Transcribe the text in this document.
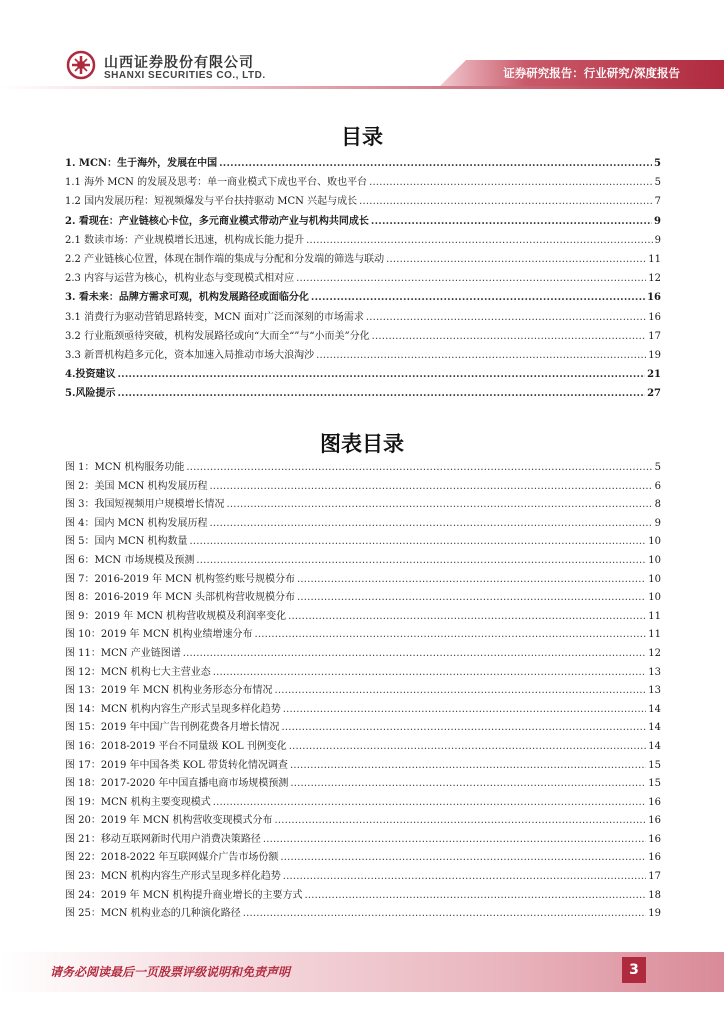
山西证券股份有限公司
SHANXI SECURITIES CO., LTD.	证券研究报告：行业研究/深度报告
目录
1. MCN：生于海外，发展在中国 .....	5
1.1 海外 MCN 的发展及思考：单一商业模式下成也平台、败也平台 .....	5
1.2 国内发展历程：短视频爆发与平台扶持驱动 MCN 兴起与成长 .....	7
2. 看现在：产业链核心卡位，多元商业模式带动产业与机构共同成长 .....	9
2.1 数读市场：产业规模增长迅速，机构成长能力提升 .....	9
2.2 产业链核心位置，体现在制作端的集成与分配和分发端的筛选与联动 .....	11
2.3 内容与运营为核心，机构业态与变现模式相对应 .....	12
3. 看未来：品牌方需求可观，机构发展路径或面临分化 .....	16
3.1 消费行为驱动营销思路转变，MCN 面对广泛而深刻的市场需求 .....	16
3.2 行业瓶颈亟待突破，机构发展路径或向“大而全“”与“小而美”分化 .....	17
3.3 新晋机构趋多元化，资本加速入局推动市场大浪淘沙 .....	19
4.投资建议 .....	21
5.风险提示 .....	27
图表目录
图 1：MCN 机构服务功能 .....	5
图 2：美国 MCN 机构发展历程 .....	6
图 3：我国短视频用户规模增长情况 .....	8
图 4：国内 MCN 机构发展历程 .....	9
图 5：国内 MCN 机构数量 .....	10
图 6：MCN 市场规模及预测 .....	10
图 7：2016-2019 年 MCN 机构签约账号规模分布 .....	10
图 8：2016-2019 年 MCN 头部机构营收规模分布 .....	10
图 9：2019 年 MCN 机构营收规模及利润率变化 .....	11
图 10：2019 年 MCN 机构业绩增速分布 .....	11
图 11：MCN 产业链图谱 .....	12
图 12：MCN 机构七大主营业态 .....	13
图 13：2019 年 MCN 机构业务形态分布情况 .....	13
图 14：MCN 机构内容生产形式呈现多样化趋势 .....	14
图 15：2019 年中国广告刊例花费各月增长情况 .....	14
图 16：2018-2019 平台不同量级 KOL 刊例变化 .....	14
图 17：2019 年中国各类 KOL 带货转化情况调查 .....	15
图 18：2017-2020 年中国直播电商市场规模预测 .....	15
图 19：MCN 机构主要变现模式 .....	16
图 20：2019 年 MCN 机构营收变现模式分布 .....	16
图 21：移动互联网新时代用户消费决策路径 .....	16
图 22：2018-2022 年互联网媒介广告市场份额 .....	16
图 23：MCN 机构内容生产形式呈现多样化趋势 .....	17
图 24：2019 年 MCN 机构提升商业增长的主要方式 .....	18
图 25：MCN 机构业态的几种演化路径 .....	19
请务必阅读最后一页股票评级说明和免责声明	3
